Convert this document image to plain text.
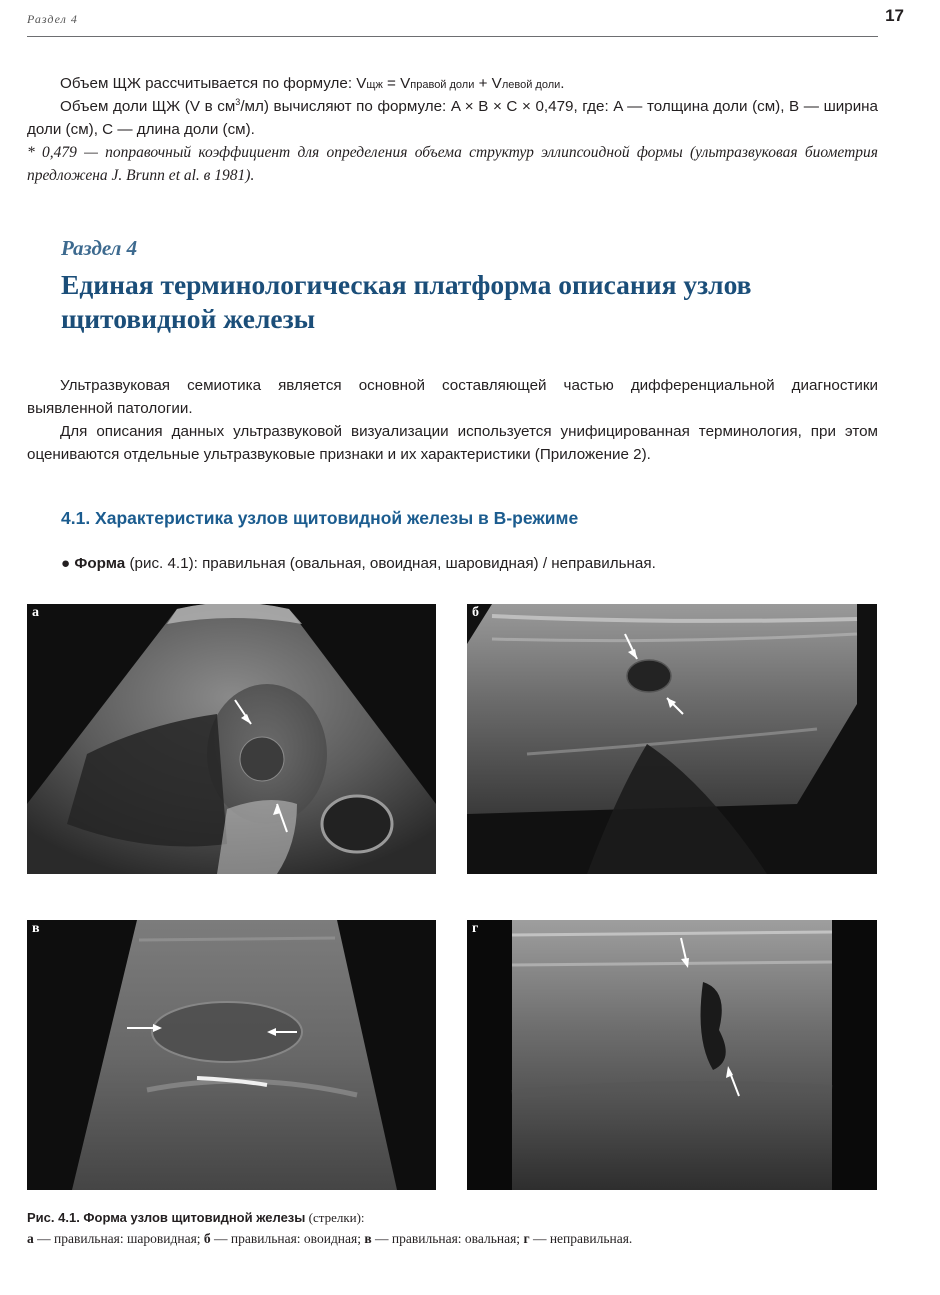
Раздел 4	17

Объем ЩЖ рассчитывается по формуле: Vщж = Vправой доли + Vлевой доли.

Объем доли ЩЖ (V в $см^3/мл$) вычисляют по формуле: A × B × C × 0,479, где: A — толщина доли (см), B — ширина доли (см), C — длина доли (см).

* 0,479 — поправочный коэффициент для определения объема структур эллипсоидной формы (ультразвуковая биометрия предложена J. Brunn et al. в 1981).

Раздел 4
Единая терминологическая платформа описания узлов щитовидной железы

Ультразвуковая семиотика является основной составляющей частью дифференциальной диагностики выявленной патологии.

Для описания данных ультразвуковой визуализации используется унифицированная терминология, при этом оцениваются отдельные ультразвуковые признаки и их характеристики (Приложение 2).

4.1. Характеристика узлов щитовидной железы в В-режиме
● Форма (рис. 4.1): правильная (овальная, овоидная, шаровидная) / неправильная.
а	б
в	г
Рис. 4.1. Форма узлов щитовидной железы (стрелки):
а — правильная: шаровидная; б — правильная: овоидная; в — правильная: овальная; г — неправильная.
